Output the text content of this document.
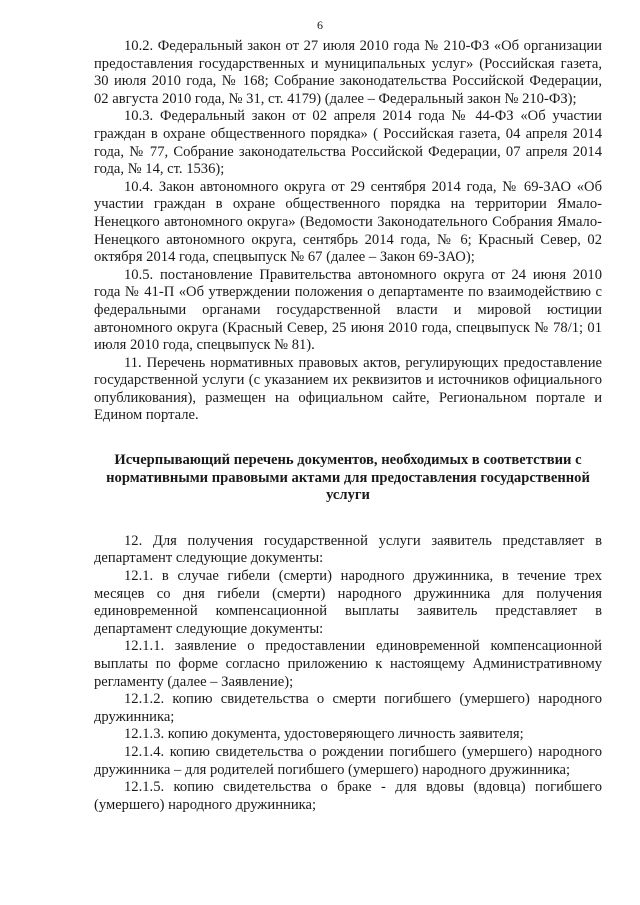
6

10.2. Федеральный закон от 27 июля 2010 года № 210-ФЗ «Об организации предоставления государственных и муниципальных услуг» (Российская газета, 30 июля 2010 года, № 168; Собрание законодательства Российской Федерации, 02 августа 2010 года, № 31, ст. 4179) (далее – Федеральный закон № 210-ФЗ);

10.3. Федеральный закон от 02 апреля 2014 года № 44-ФЗ «Об участии граждан в охране общественного порядка» ( Российская газета, 04 апреля 2014 года, № 77, Собрание законодательства Российской Федерации, 07 апреля 2014 года, № 14, ст. 1536);

10.4. Закон автономного округа от 29 сентября 2014 года, № 69-ЗАО «Об участии граждан в охране общественного порядка на территории Ямало-Ненецкого автономного округа» (Ведомости Законодательного Собрания Ямало-Ненецкого автономного округа, сентябрь 2014 года, № 6; Красный Север, 02 октября 2014 года, спецвыпуск № 67 (далее – Закон 69-ЗАО);

10.5. постановление Правительства автономного округа от 24 июня 2010 года № 41-П «Об утверждении положения о департаменте по взаимодействию с федеральными органами государственной власти и мировой юстиции автономного округа (Красный Север, 25 июня 2010 года, спецвыпуск № 78/1; 01 июля 2010 года, спецвыпуск № 81).

11. Перечень нормативных правовых актов, регулирующих предоставление государственной услуги (с указанием их реквизитов и источников официального опубликования), размещен на официальном сайте, Региональном портале и Едином портале.

Исчерпывающий перечень документов, необходимых в соответствии с нормативными правовыми актами для предоставления государственной услуги

12. Для получения государственной услуги заявитель представляет в департамент следующие документы:

12.1. в случае гибели (смерти) народного дружинника, в течение трех месяцев со дня гибели (смерти) народного дружинника для получения единовременной компенсационной выплаты заявитель представляет в департамент следующие документы:

12.1.1. заявление о предоставлении единовременной компенсационной выплаты по форме согласно приложению к настоящему Административному регламенту (далее – Заявление);

12.1.2. копию свидетельства о смерти погибшего (умершего) народного дружинника;

12.1.3. копию документа, удостоверяющего личность заявителя;

12.1.4. копию свидетельства о рождении погибшего (умершего) народного дружинника – для родителей погибшего (умершего) народного дружинника;

12.1.5. копию свидетельства о браке - для вдовы (вдовца) погибшего (умершего) народного дружинника;
